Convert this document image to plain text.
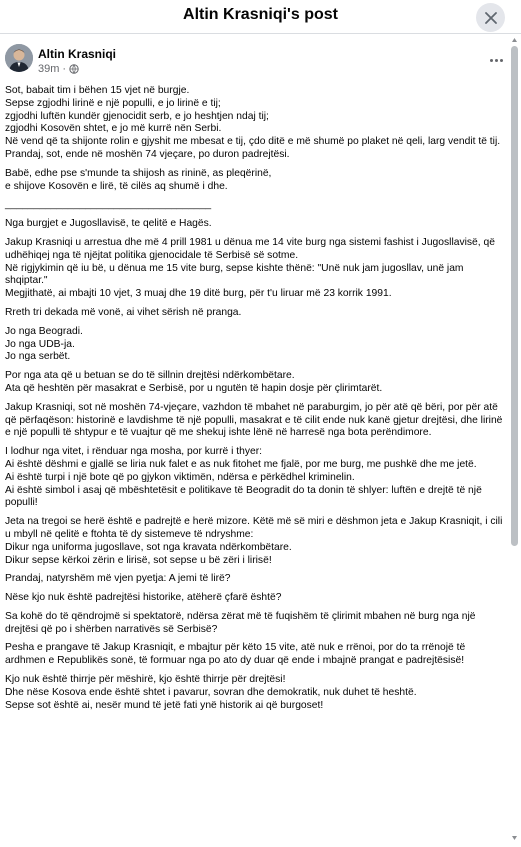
Altin Krasniqi's post
Altin Krasniqi
39m ·

Sot, babait tim i bëhen 15 vjet në burgje.
Sepse zgjodhi lirinë e një populli, e jo lirinë e tij;
zgjodhi luftën kundër gjenocidit serb, e jo heshtjen ndaj tij;
zgjodhi Kosovën shtet, e jo më kurrë nën Serbi.
Në vend që ta shijonte rolin e gjyshit me mbesat e tij, çdo ditë e më shumë po plaket në qeli, larg vendit të tij.
Prandaj, sot, ende në moshën 74 vjeçare, po duron padrejtësi.

Babë, edhe pse s'munde ta shijosh as rininë, as pleqërinë,
e shijove Kosovën e lirë, të cilës aq shumë i dhe.

____________________________________

Nga burgjet e Jugosllavisë, te qelitë e Hagës.

Jakup Krasniqi u arrestua dhe më 4 prill 1981 u dënua me 14 vite burg nga sistemi fashist i Jugosllavisë, që udhëhiqej nga të njëjtat politika gjenocidale të Serbisë së sotme.
Në rigjykimin që iu bë, u dënua me 15 vite burg, sepse kishte thënë: "Unë nuk jam jugosllav, unë jam shqiptar."
Megjithatë, ai mbajti 10 vjet, 3 muaj dhe 19 ditë burg, për t'u liruar më 23 korrik 1991.

Rreth tri dekada më vonë, ai vihet sërish në pranga.

Jo nga Beogradi.
Jo nga UDB-ja.
Jo nga serbët.

Por nga ata që u betuan se do të sillnin drejtësi ndërkombëtare.
Ata që heshtën për masakrat e Serbisë, por u ngutën të hapin dosje për çlirimtarët.

Jakup Krasniqi, sot në moshën 74-vjeçare, vazhdon të mbahet në paraburgim, jo për atë që bëri, por për atë që përfaqëson: historinë e lavdishme të një populli, masakrat e të cilit ende nuk kanë gjetur drejtësi, dhe lirinë e një populli të shtypur e të vuajtur që me shekuj ishte lënë në harresë nga bota perëndimore.

I lodhur nga vitet, i rënduar nga mosha, por kurrë i thyer:
Ai është dëshmi e gjallë se liria nuk falet e as nuk fitohet me fjalë, por me burg, me pushkë dhe me jetë.
Ai është turpi i një bote që po gjykon viktimën, ndërsa e përkëdhel kriminelin.
Ai është simbol i asaj që mbështetësit e politikave të Beogradit do ta donin të shlyer: luftën e drejtë të një populli!

Jeta na tregoi se herë është e padrejtë e herë mizore. Këtë më së miri e dëshmon jeta e Jakup Krasniqit, i cili u mbyll në qelitë e ftohta të dy sistemeve të ndryshme:
Dikur nga uniforma jugosllave, sot nga kravata ndërkombëtare.
Dikur sepse kërkoi zërin e lirisë, sot sepse u bë zëri i lirisë!

Prandaj, natyrshëm më vjen pyetja: A jemi të lirë?

Nëse kjo nuk është padrejtësi historike, atëherë çfarë është?

Sa kohë do të qëndrojmë si spektatorë, ndërsa zërat më të fuqishëm të çlirimit mbahen në burg nga një drejtësi që po i shërben narrativës së Serbisë?

Pesha e prangave të Jakup Krasniqit, e mbajtur për këto 15 vite, atë nuk e rrënoi, por do ta rrënojë të ardhmen e Republikës sonë, të formuar nga po ato dy duar që ende i mbajnë prangat e padrejtësisë!

Kjo nuk është thirrje për mëshirë, kjo është thirrje për drejtësi!
Dhe nëse Kosova ende është shtet i pavarur, sovran dhe demokratik, nuk duhet të heshtë.
Sepse sot është ai, nesër mund të jetë fati ynë historik ai që burgoset!
